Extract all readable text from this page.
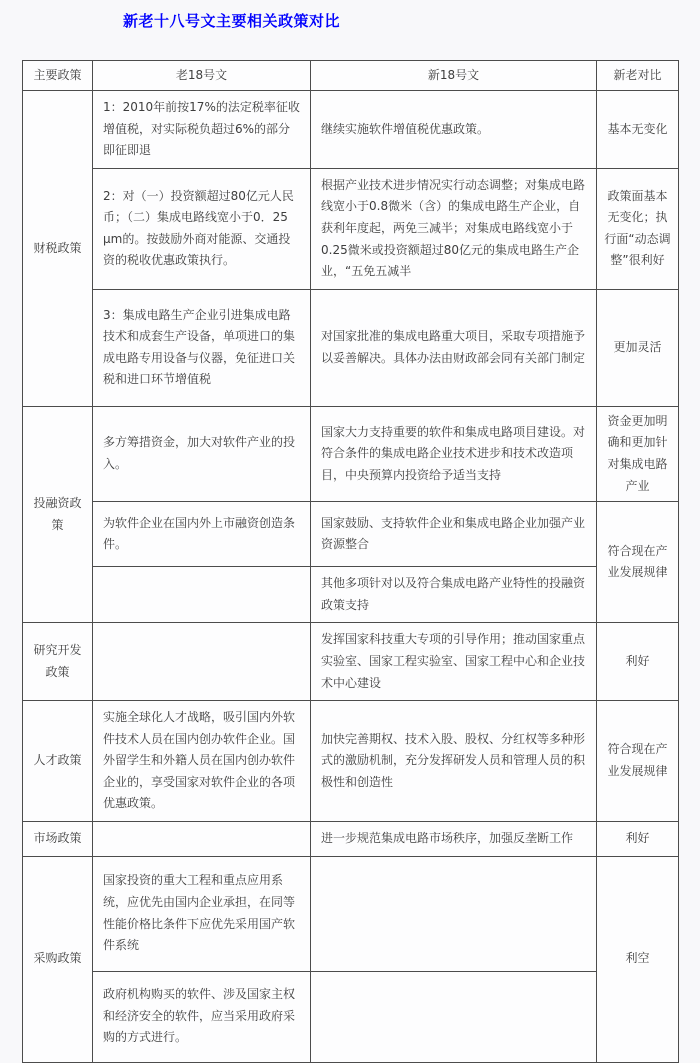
新老十八号文主要相关政策对比
主要政策	老18号文	新18号文	新老对比
财税政策	1：2010年前按17%的法定税率征收增值税，对实际税负超过6%的部分即征即退	继续实施软件增值税优惠政策。	基本无变化
	2：对（一）投资额超过80亿元人民币；（二）集成电路线宽小于0．25 μm的。按鼓励外商对能源、交通投资的税收优惠政策执行。	根据产业技术进步情况实行动态调整；对集成电路线宽小于0.8微米（含）的集成电路生产企业，自获利年度起，两免三减半；对集成电路线宽小于0.25微米或投资额超过80亿元的集成电路生产企业，“五免五减半	政策面基本无变化；执行面“动态调整”很利好
	3：集成电路生产企业引进集成电路技术和成套生产设备，单项进口的集成电路专用设备与仪器，免征进口关税和进口环节增值税	对国家批准的集成电路重大项目，采取专项措施予以妥善解决。具体办法由财政部会同有关部门制定	更加灵活
投融资政策	多方筹措资金，加大对软件产业的投入。	国家大力支持重要的软件和集成电路项目建设。对符合条件的集成电路企业技术进步和技术改造项目，中央预算内投资给予适当支持	资金更加明确和更加针对集成电路产业
	为软件企业在国内外上市融资创造条件。	国家鼓励、支持软件企业和集成电路企业加强产业资源整合	符合现在产业发展规律
		其他多项针对以及符合集成电路产业特性的投融资政策支持	
研究开发政策		发挥国家科技重大专项的引导作用；推动国家重点实验室、国家工程实验室、国家工程中心和企业技术中心建设	利好
人才政策	实施全球化人才战略，吸引国内外软件技术人员在国内创办软件企业。国外留学生和外籍人员在国内创办软件企业的，享受国家对软件企业的各项优惠政策。	加快完善期权、技术入股、股权、分红权等多种形式的激励机制，充分发挥研发人员和管理人员的积极性和创造性	符合现在产业发展规律
市场政策		进一步规范集成电路市场秩序，加强反垄断工作	利好
采购政策	国家投资的重大工程和重点应用系统，应优先由国内企业承担，在同等性能价格比条件下应优先采用国产软件系统		利空
	政府机构购买的软件、涉及国家主权和经济安全的软件，应当采用政府采购的方式进行。		
